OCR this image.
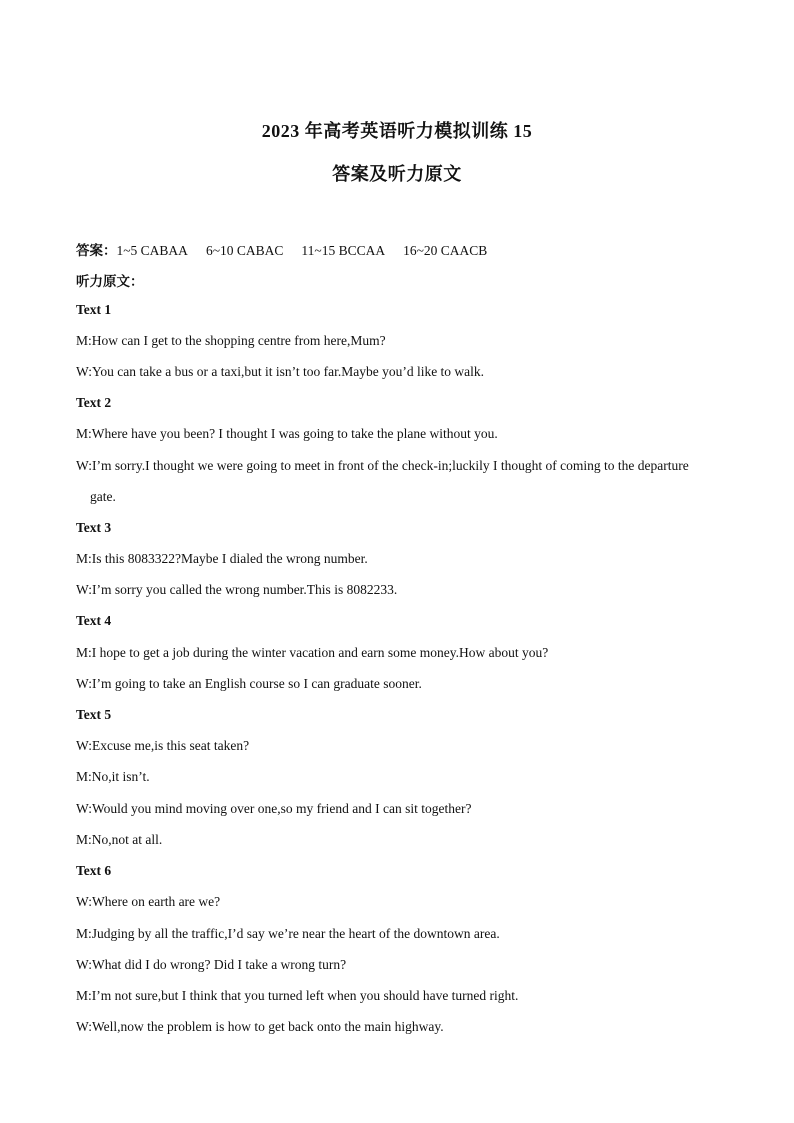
2023 年高考英语听力模拟训练 15
答案及听力原文
答案：1~5 CABAA 6~10 CABAC 11~15 BCCAA 16~20 CAACB
听力原文：
Text 1
M:How can I get to the shopping centre from here,Mum?
W:You can take a bus or a taxi,but it isn’t too far.Maybe you’d like to walk.
Text 2
M:Where have you been? I thought I was going to take the plane without you.
W:I’m sorry.I thought we were going to meet in front of the check-in;luckily I thought of coming to the departure
gate.
Text 3
M:Is this 8083322?Maybe I dialed the wrong number.
W:I’m sorry you called the wrong number.This is 8082233.
Text 4
M:I hope to get a job during the winter vacation and earn some money.How about you?
W:I’m going to take an English course so I can graduate sooner.
Text 5
W:Excuse me,is this seat taken?
M:No,it isn’t.
W:Would you mind moving over one,so my friend and I can sit together?
M:No,not at all.
Text 6
W:Where on earth are we?
M:Judging by all the traffic,I’d say we’re near the heart of the downtown area.
W:What did I do wrong? Did I take a wrong turn?
M:I’m not sure,but I think that you turned left when you should have turned right.
W:Well,now the problem is how to get back onto the main highway.
